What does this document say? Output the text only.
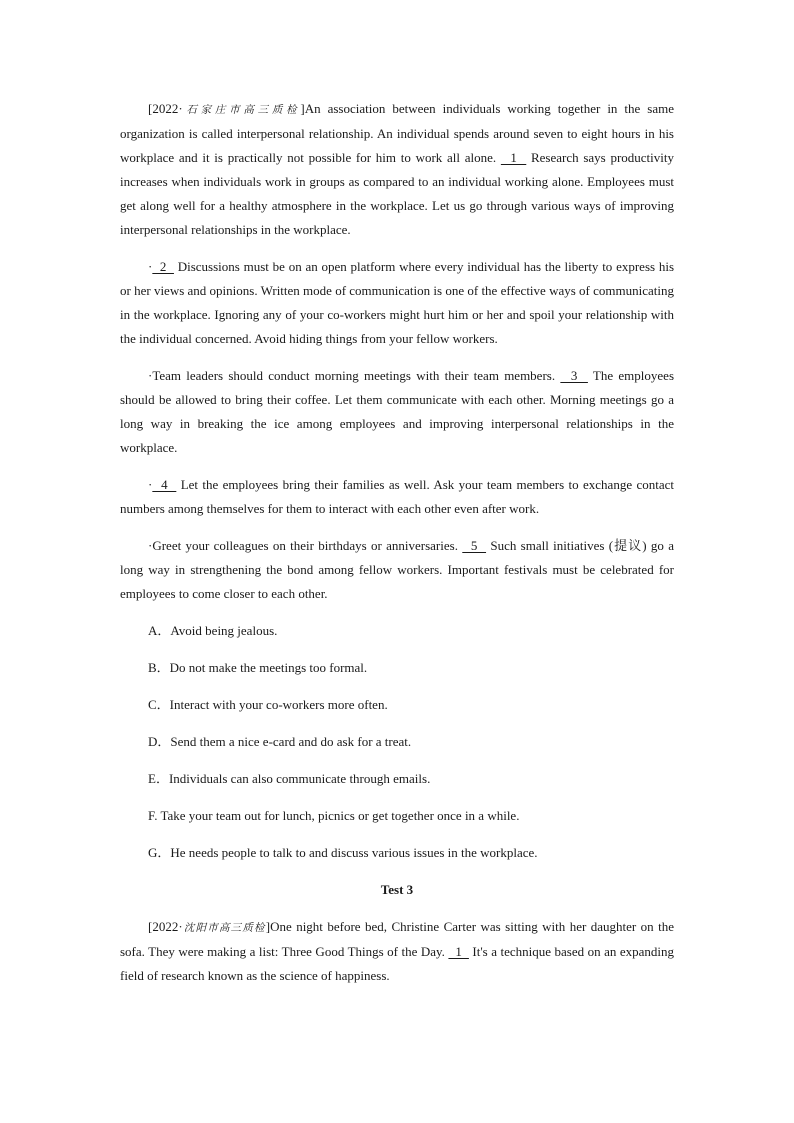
[2022·石家庄市高三质检]An association between individuals working together in the same organization is called interpersonal relationship. An individual spends around seven to eight hours in his workplace and it is practically not possible for him to work all alone.   1   Research says productivity increases when individuals work in groups as compared to an individual working alone. Employees must get along well for a healthy atmosphere in the workplace. Let us go through various ways of improving interpersonal relationships in the workplace.

·  2   Discussions must be on an open platform where every individual has the liberty to express his or her views and opinions. Written mode of communication is one of the effective ways of communicating in the workplace. Ignoring any of your co-workers might hurt him or her and spoil your relationship with the individual concerned. Avoid hiding things from your fellow workers.

·Team leaders should conduct morning meetings with their team members.   3   The employees should be allowed to bring their coffee. Let them communicate with each other. Morning meetings go a long way in breaking the ice among employees and improving interpersonal relationships in the workplace.

·  4   Let the employees bring their families as well. Ask your team members to exchange contact numbers among themselves for them to interact with each other even after work.

·Greet your colleagues on their birthdays or anniversaries.   5   Such small initiatives (提议) go a long way in strengthening the bond among fellow workers. Important festivals must be celebrated for employees to come closer to each other.

A．Avoid being jealous.

B．Do not make the meetings too formal.

C．Interact with your co-workers more often.

D．Send them a nice e-card and do ask for a treat.

E．Individuals can also communicate through emails.

F. Take your team out for lunch, picnics or get together once in a while.

G．He needs people to talk to and discuss various issues in the workplace.

Test 3

[2022·沈阳市高三质检]One night before bed, Christine Carter was sitting with her daughter on the sofa. They were making a list: Three Good Things of the Day.   1   It's a technique based on an expanding field of research known as the science of happiness.
